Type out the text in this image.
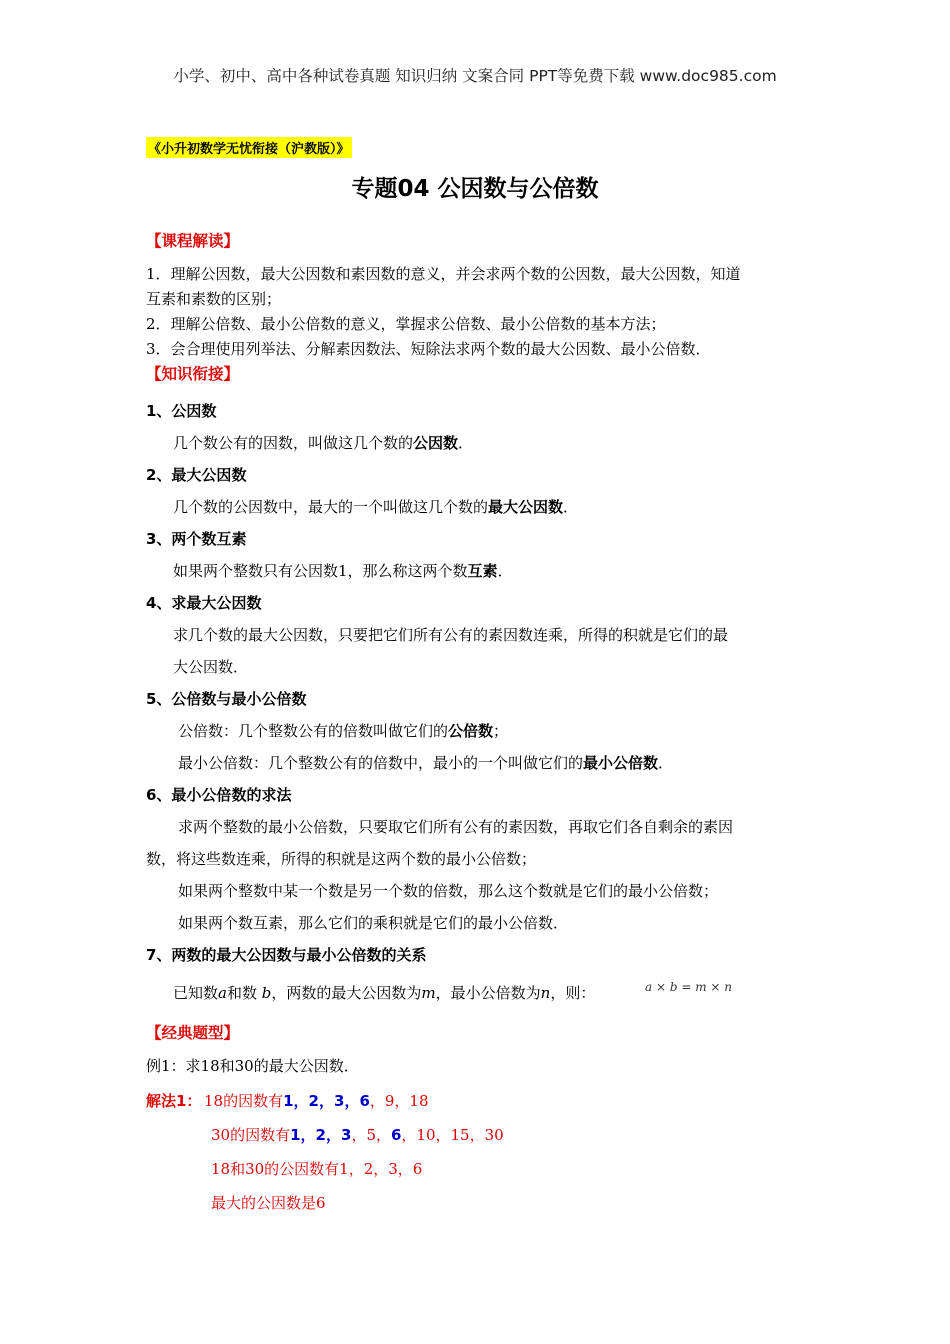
小学、初中、高中各种试卷真题 知识归纳 文案合同 PPT等免费下载 www.doc985.com
《小升初数学无忧衔接（沪教版）》
专题04 公因数与公倍数
【课程解读】
1．理解公因数，最大公因数和素因数的意义，并会求两个数的公因数，最大公因数，知道
互素和素数的区别；
2．理解公倍数、最小公倍数的意义，掌握求公倍数、最小公倍数的基本方法；
3．会合理使用列举法、分解素因数法、短除法求两个数的最大公因数、最小公倍数．
【知识衔接】
1、公因数
几个数公有的因数，叫做这几个数的公因数．
2、最大公因数
几个数的公因数中，最大的一个叫做这几个数的最大公因数．
3、两个数互素
如果两个整数只有公因数1，那么称这两个数互素．
4、求最大公因数
求几个数的最大公因数，只要把它们所有公有的素因数连乘，所得的积就是它们的最
大公因数．
5、公倍数与最小公倍数
公倍数：几个整数公有的倍数叫做它们的公倍数；
最小公倍数：几个整数公有的倍数中，最小的一个叫做它们的最小公倍数．
6、最小公倍数的求法
求两个整数的最小公倍数，只要取它们所有公有的素因数，再取它们各自剩余的素因
数，将这些数连乘，所得的积就是这两个数的最小公倍数；
如果两个整数中某一个数是另一个数的倍数，那么这个数就是它们的最小公倍数；
如果两个数互素，那么它们的乘积就是它们的最小公倍数．
7、两数的最大公因数与最小公倍数的关系
已知数a和数 b，两数的最大公因数为m，最小公倍数为n，则：	a × b = m × n
【经典题型】
例1：求18和30的最大公因数．
解法1： 18的因数有1，2，3，6，9，18
30的因数有1，2，3，5，6，10，15，30
18和30的公因数有1，2，3，6
最大的公因数是6
